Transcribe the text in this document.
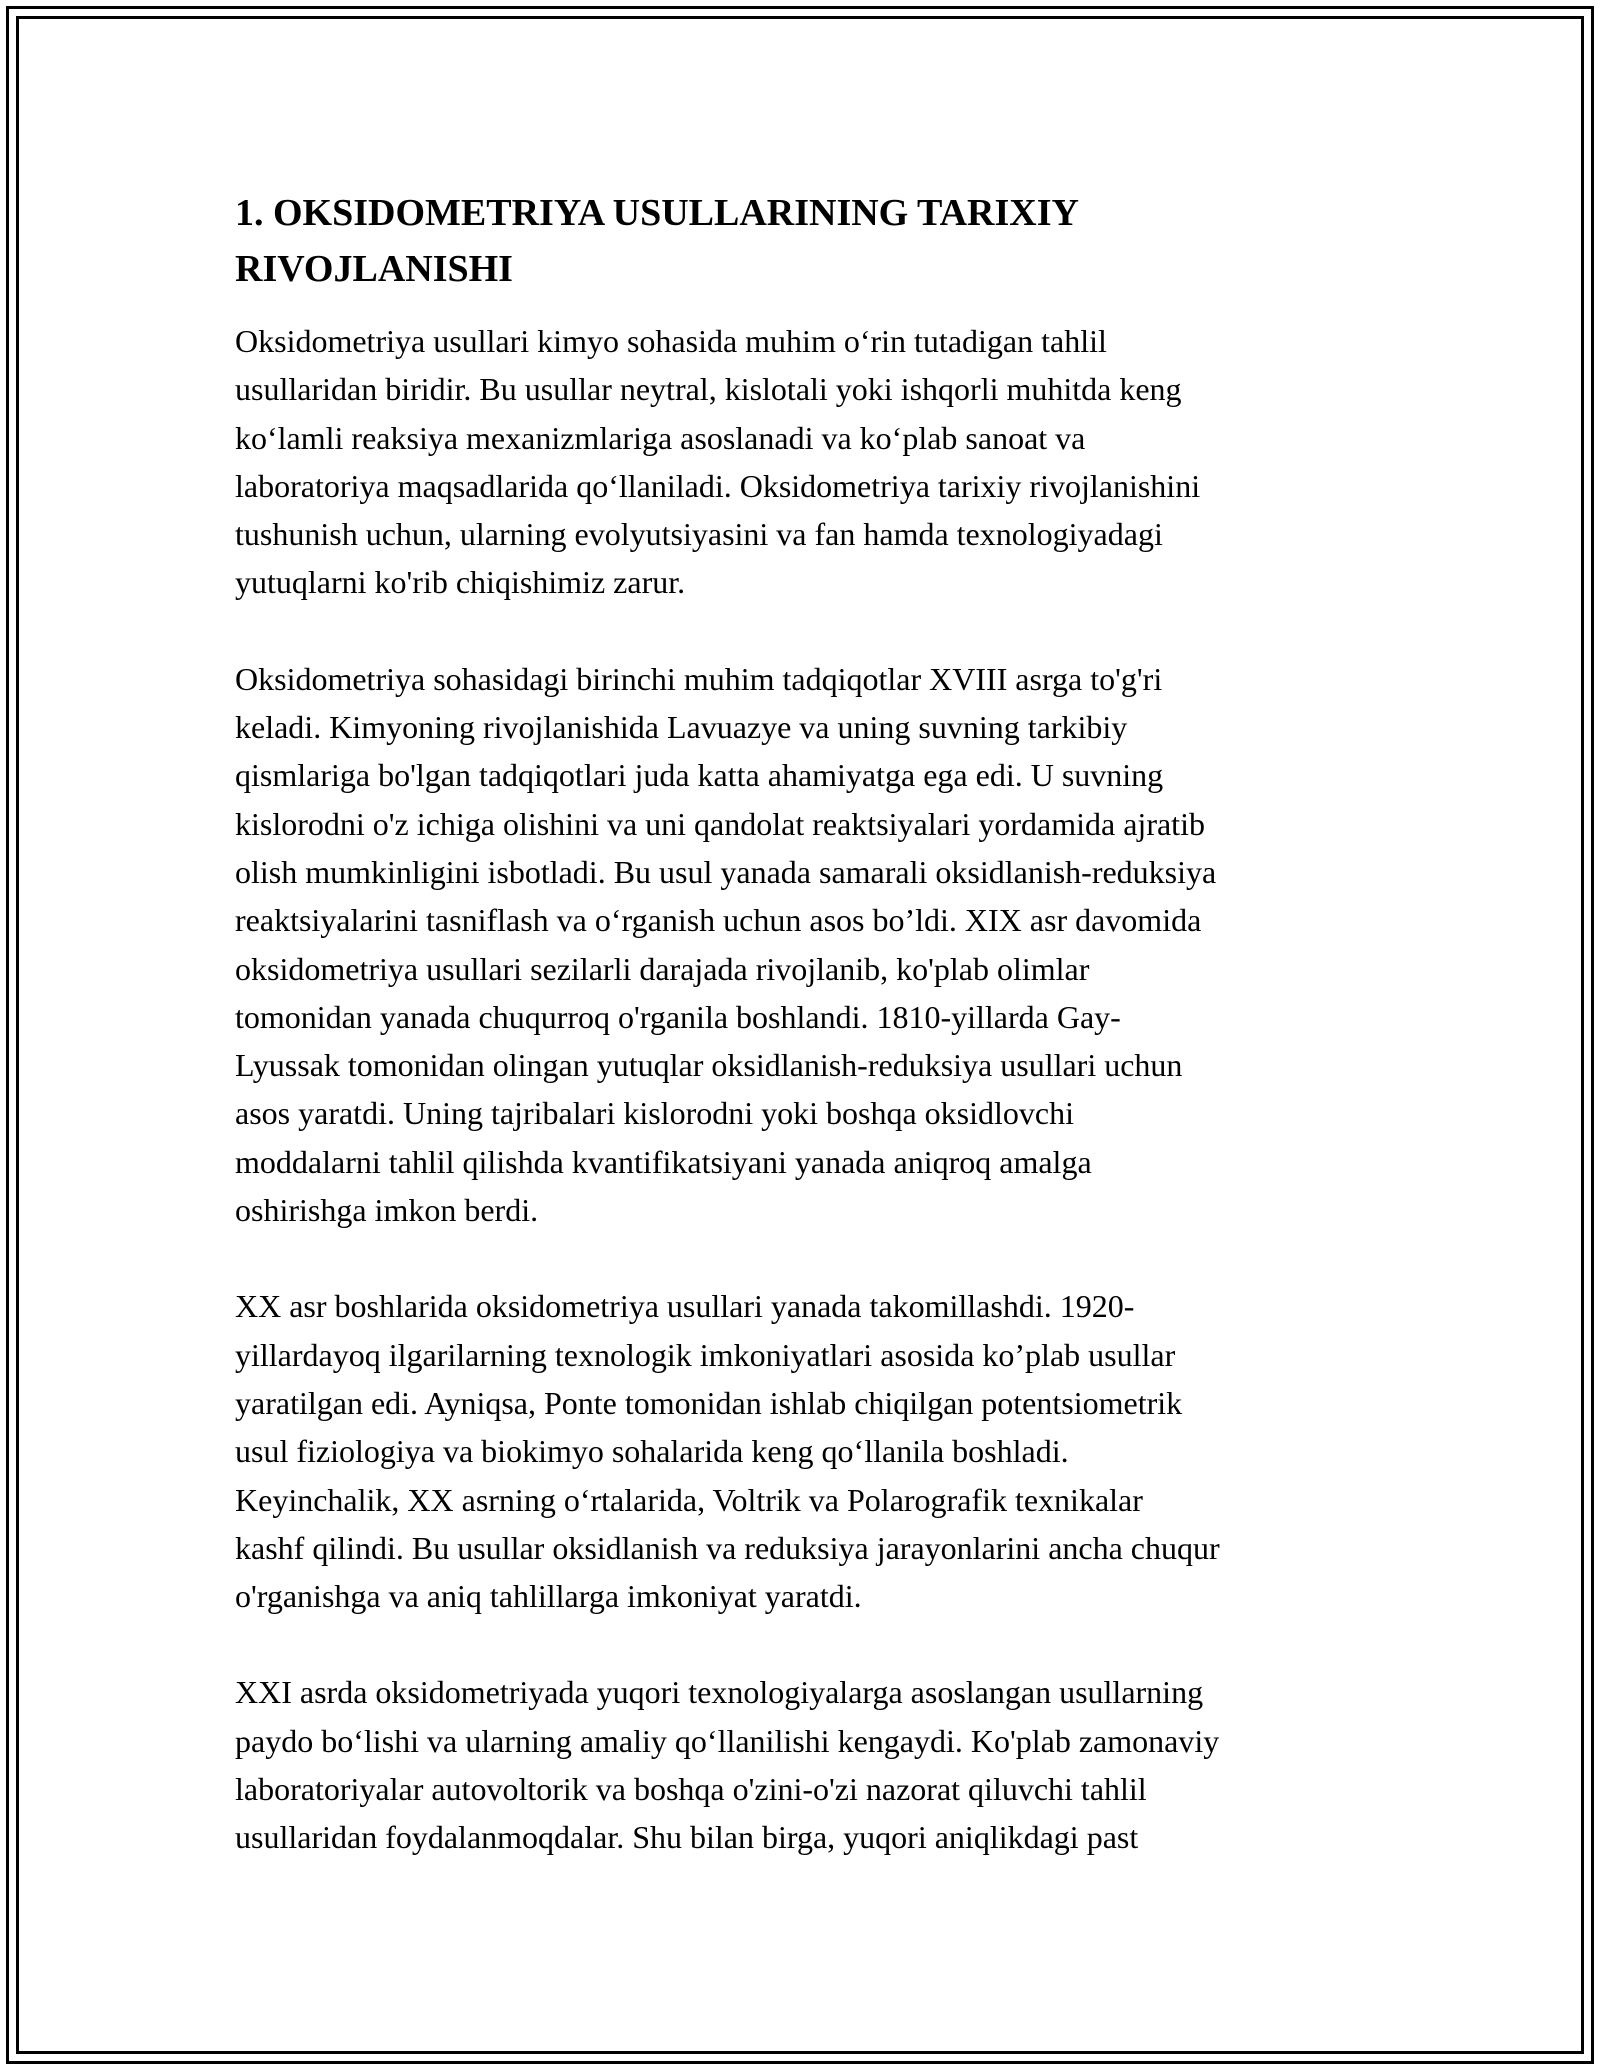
1. OKSIDOMETRIYA USULLARINING TARIXIY
RIVOJLANISHI

Oksidometriya usullari kimyo sohasida muhim o‘rin tutadigan tahlil
usullaridan biridir. Bu usullar neytral, kislotali yoki ishqorli muhitda keng
ko‘lamli reaksiya mexanizmlariga asoslanadi va ko‘plab sanoat va
laboratoriya maqsadlarida qo‘llaniladi. Oksidometriya tarixiy rivojlanishini
tushunish uchun, ularning evolyutsiyasini va fan hamda texnologiyadagi
yutuqlarni ko'rib chiqishimiz zarur.

Oksidometriya sohasidagi birinchi muhim tadqiqotlar XVIII asrga to'g'ri
keladi. Kimyoning rivojlanishida Lavuazye va uning suvning tarkibiy
qismlariga bo'lgan tadqiqotlari juda katta ahamiyatga ega edi. U suvning
kislorodni o'z ichiga olishini va uni qandolat reaktsiyalari yordamida ajratib
olish mumkinligini isbotladi. Bu usul yanada samarali oksidlanish-reduksiya
reaktsiyalarini tasniflash va o‘rganish uchun asos bo’ldi. XIX asr davomida
oksidometriya usullari sezilarli darajada rivojlanib, ko'plab olimlar
tomonidan yanada chuqurroq o'rganila boshlandi. 1810-yillarda Gay-
Lyussak tomonidan olingan yutuqlar oksidlanish-reduksiya usullari uchun
asos yaratdi. Uning tajribalari kislorodni yoki boshqa oksidlovchi
moddalarni tahlil qilishda kvantifikatsiyani yanada aniqroq amalga
oshirishga imkon berdi.

XX asr boshlarida oksidometriya usullari yanada takomillashdi. 1920-
yillardayoq ilgarilarning texnologik imkoniyatlari asosida ko’plab usullar
yaratilgan edi. Ayniqsa, Ponte tomonidan ishlab chiqilgan potentsiometrik
usul fiziologiya va biokimyo sohalarida keng qo‘llanila boshladi.
Keyinchalik, XX asrning o‘rtalarida, Voltrik va Polarografik texnikalar
kashf qilindi. Bu usullar oksidlanish va reduksiya jarayonlarini ancha chuqur
o'rganishga va aniq tahlillarga imkoniyat yaratdi.

XXI asrda oksidometriyada yuqori texnologiyalarga asoslangan usullarning
paydo bo‘lishi va ularning amaliy qo‘llanilishi kengaydi. Ko'plab zamonaviy
laboratoriyalar autovoltorik va boshqa o'zini-o'zi nazorat qiluvchi tahlil
usullaridan foydalanmoqdalar. Shu bilan birga, yuqori aniqlikdagi past
